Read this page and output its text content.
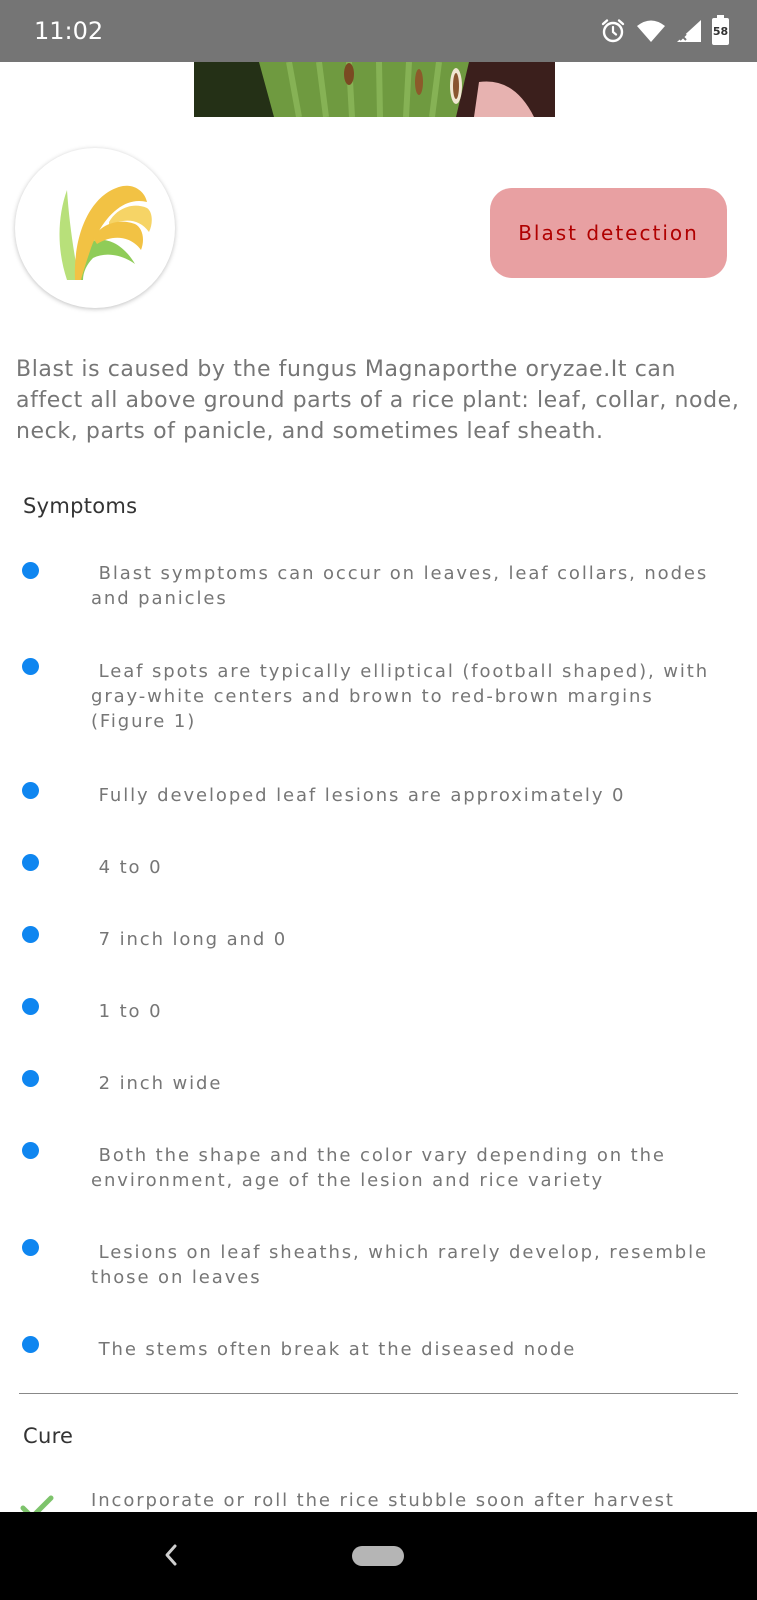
11:02	58
Blast detection

Blast is caused by the fungus Magnaporthe oryzae.It can affect all above ground parts of a rice plant: leaf, collar, node, neck, parts of panicle, and sometimes leaf sheath.

Symptoms
Blast symptoms can occur on leaves, leaf collars, nodes and panicles
Leaf spots are typically elliptical (football shaped), with gray-white centers and brown to red-brown margins (Figure 1)
Fully developed leaf lesions are approximately 0
4 to 0
7 inch long and 0
1 to 0
2 inch wide
Both the shape and the color vary depending on the environment, age of the lesion and rice variety
Lesions on leaf sheaths, which rarely develop, resemble those on leaves
The stems often break at the diseased node
Cure
Incorporate or roll the rice stubble soon after harvest
